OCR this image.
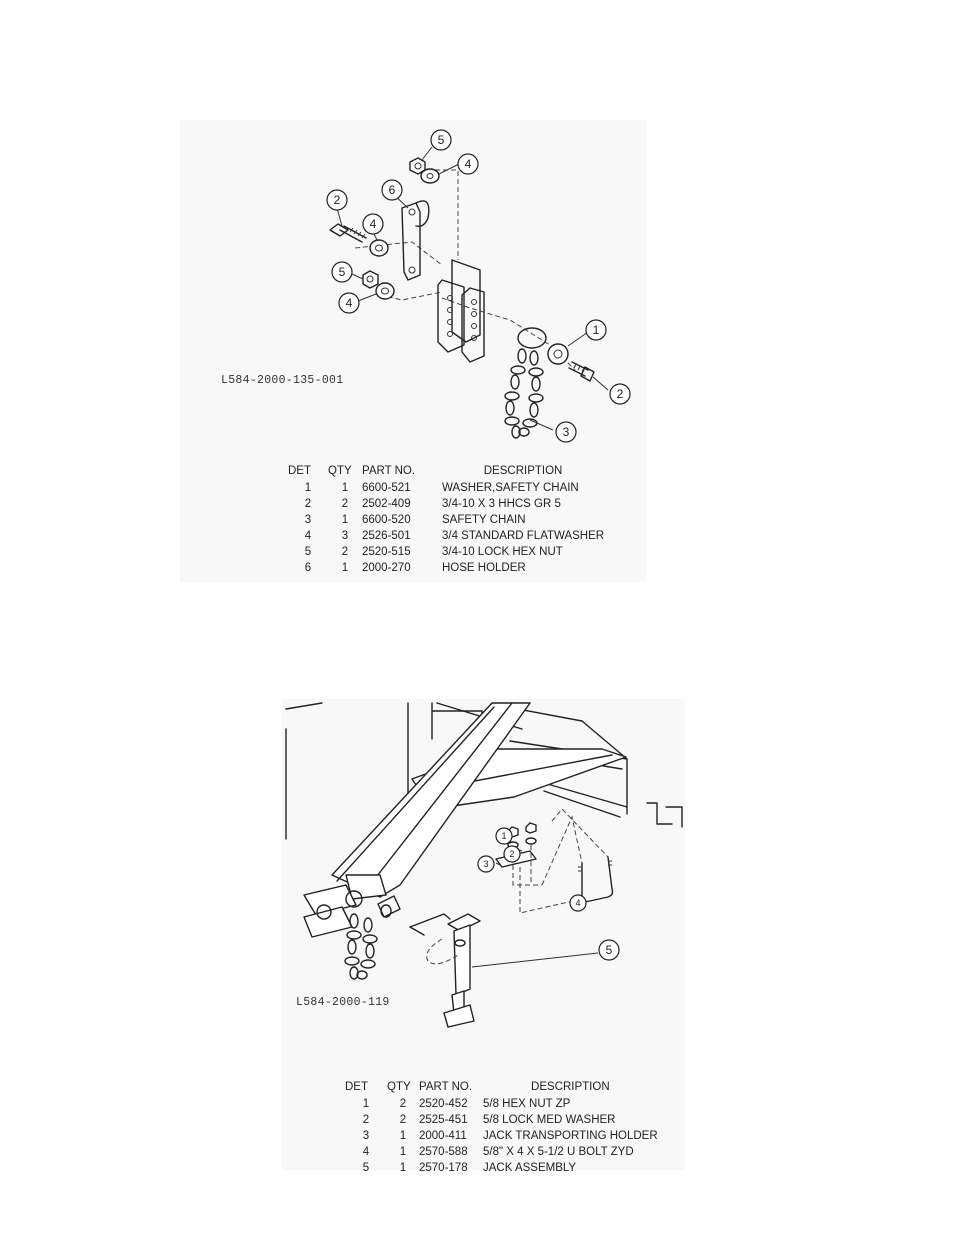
5
4
6
2
4
5
4
1
2
3
L584-2000-135-001
DET	QTY	PART NO.	DESCRIPTION
1	1	6600-521	WASHER,SAFETY CHAIN
2	2	2502-409	3/4-10 X 3 HHCS GR 5
3	1	6600-520	SAFETY CHAIN
4	3	2526-501	3/4 STANDARD FLATWASHER
5	2	2520-515	3/4-10 LOCK HEX NUT
6	1	2000-270	HOSE HOLDER
1
2
3
4
5
L584-2000-119
DET	QTY	PART NO.	DESCRIPTION
1	2	2520-452	5/8 HEX NUT ZP
2	2	2525-451	5/8 LOCK MED WASHER
3	1	2000-411	JACK TRANSPORTING HOLDER
4	1	2570-588	5/8" X 4 X 5-1/2 U BOLT ZYD
5	1	2570-178	JACK ASSEMBLY
